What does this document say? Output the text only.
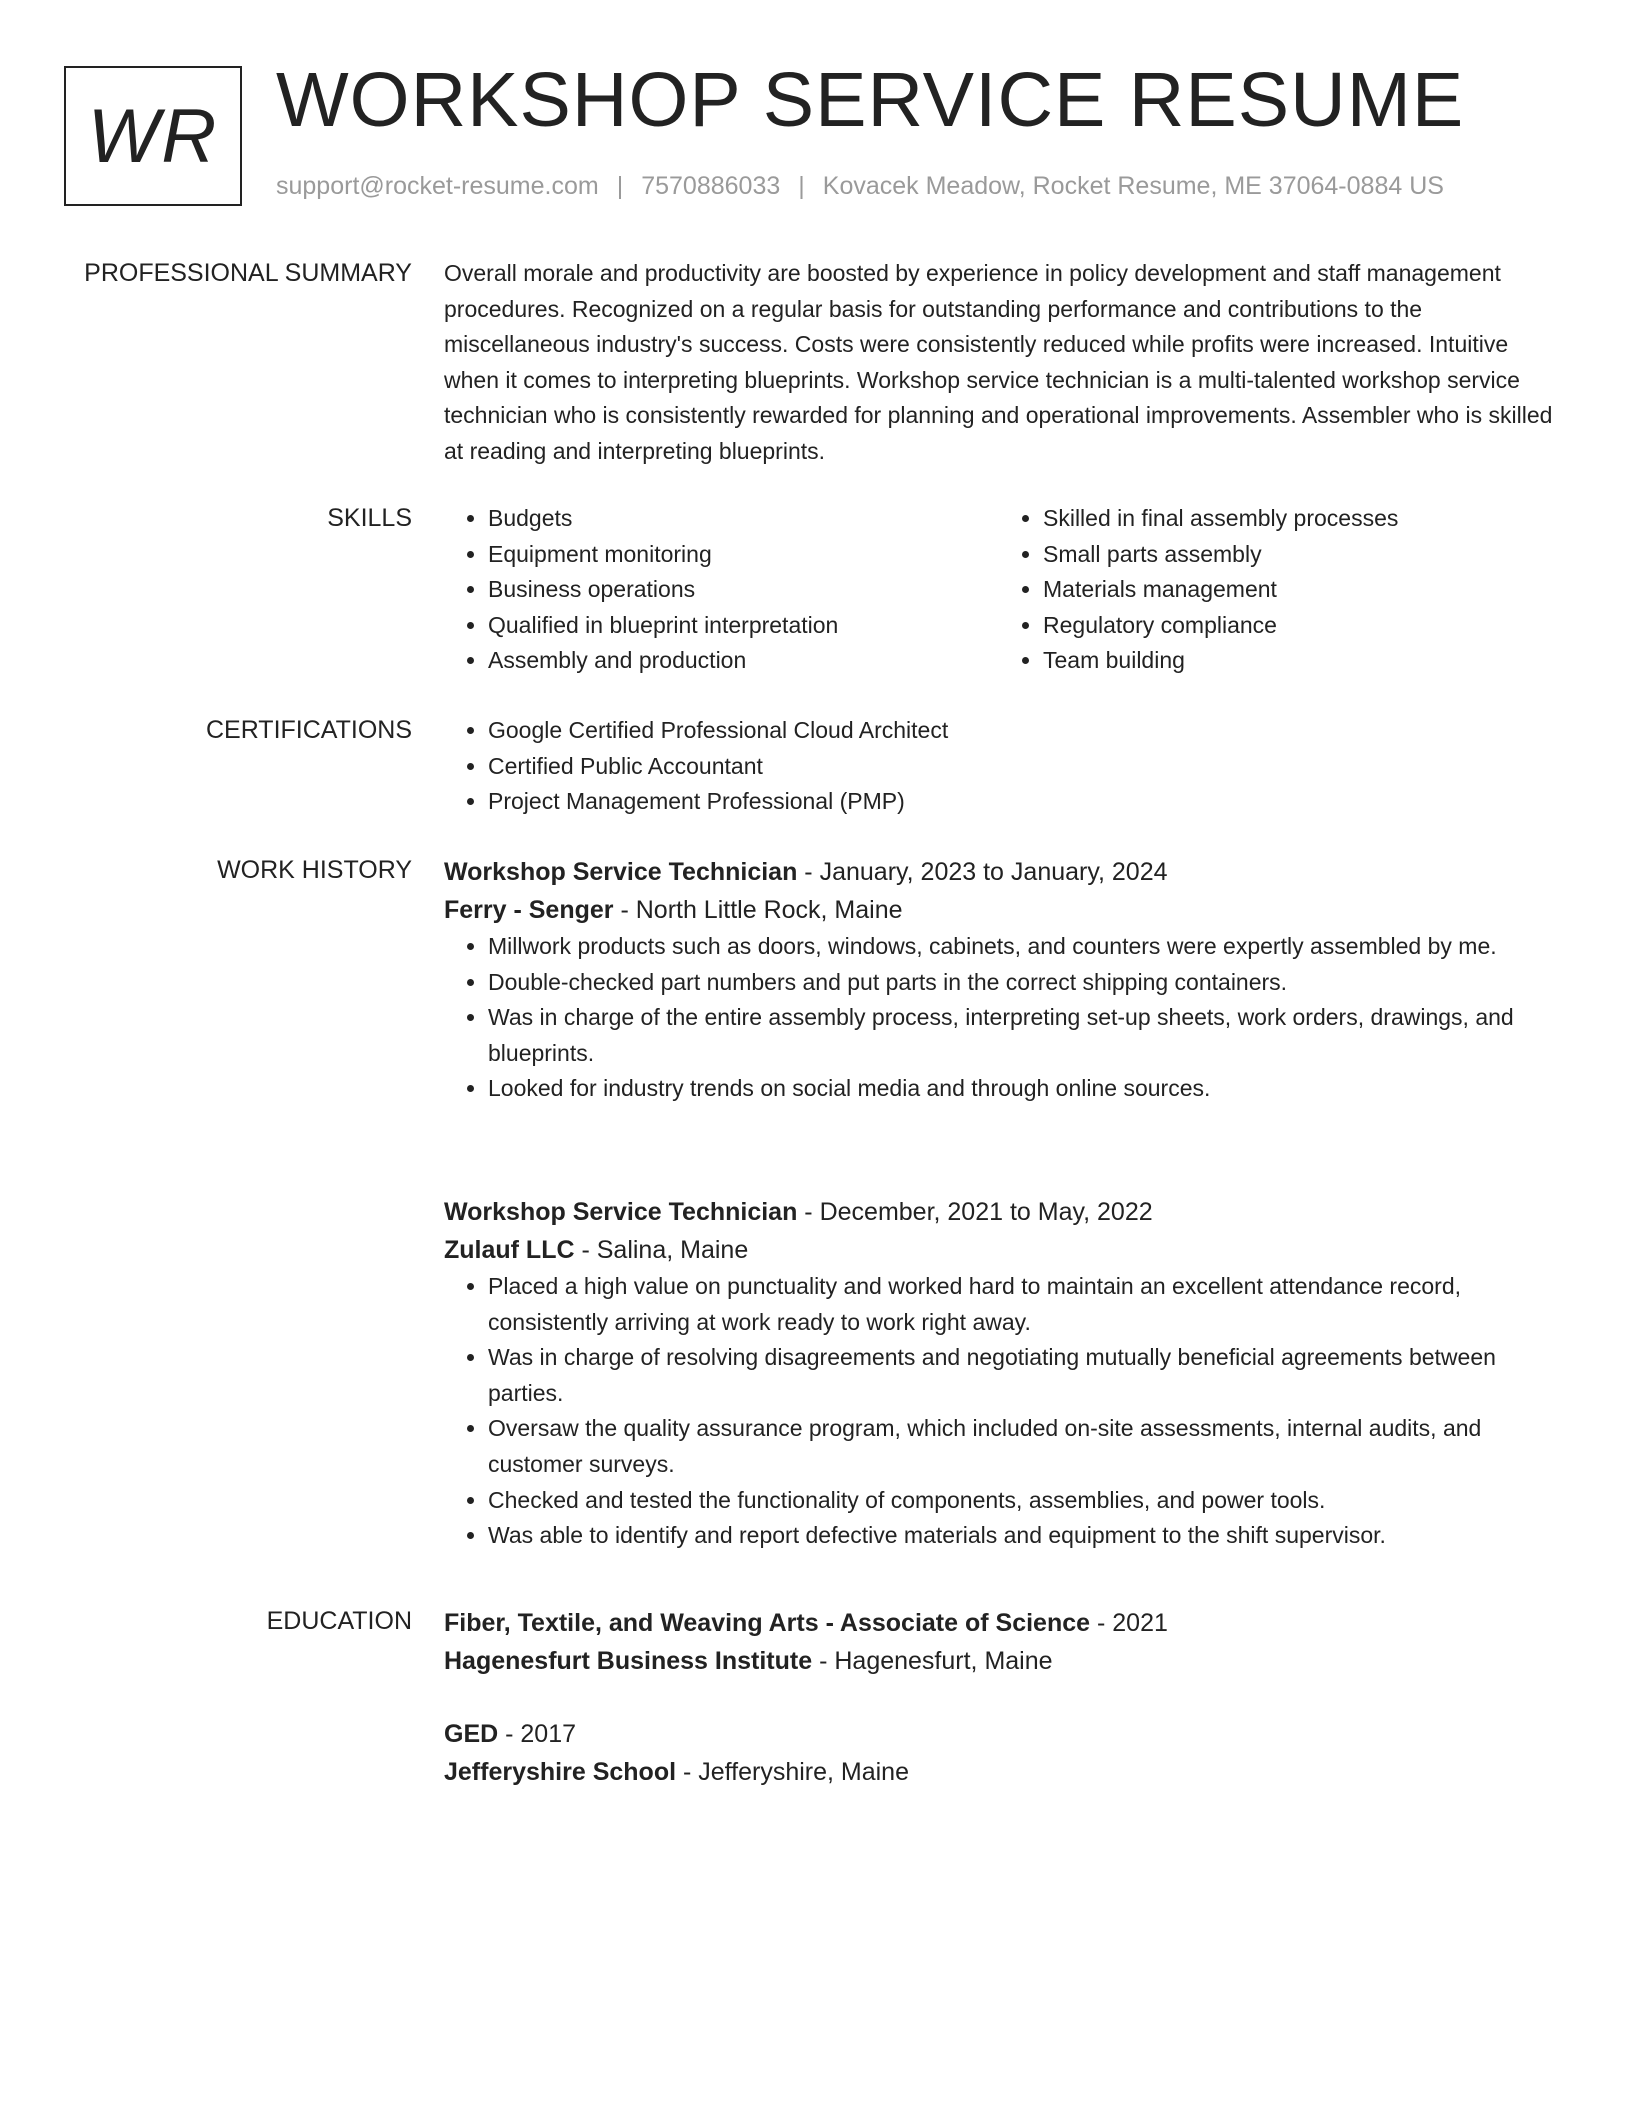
WR WORKSHOP SERVICE RESUME
support@rocket-resume.com | 7570886033 | Kovacek Meadow, Rocket Resume, ME 37064-0884 US
PROFESSIONAL SUMMARY Overall morale and productivity are boosted by experience in policy development and staff management procedures. Recognized on a regular basis for outstanding performance and contributions to the miscellaneous industry's success. Costs were consistently reduced while profits were increased. Intuitive when it comes to interpreting blueprints. Workshop service technician is a multi-talented workshop service technician who is consistently rewarded for planning and operational improvements. Assembler who is skilled at reading and interpreting blueprints.

SKILLS	• Budgets
• Equipment monitoring
• Business operations
• Qualified in blueprint interpretation
• Assembly and production
• Skilled in final assembly processes
• Small parts assembly
• Materials management
• Regulatory compliance
• Team building
CERTIFICATIONS	• Google Certified Professional Cloud Architect
• Certified Public Accountant
• Project Management Professional (PMP)
WORK HISTORY Workshop Service Technician - January, 2023 to January, 2024
Ferry - Senger - North Little Rock, Maine
• Millwork products such as doors, windows, cabinets, and counters were expertly assembled by me.
• Double-checked part numbers and put parts in the correct shipping containers.
• Was in charge of the entire assembly process, interpreting set-up sheets, work orders, drawings, and blueprints.
• Looked for industry trends on social media and through online sources.
Workshop Service Technician - December, 2021 to May, 2022
Zulauf LLC - Salina, Maine
• Placed a high value on punctuality and worked hard to maintain an excellent attendance record, consistently arriving at work ready to work right away.
• Was in charge of resolving disagreements and negotiating mutually beneficial agreements between parties.
• Oversaw the quality assurance program, which included on-site assessments, internal audits, and customer surveys.
• Checked and tested the functionality of components, assemblies, and power tools.
• Was able to identify and report defective materials and equipment to the shift supervisor.
EDUCATION Fiber, Textile, and Weaving Arts - Associate of Science - 2021
Hagenesfurt Business Institute - Hagenesfurt, Maine
GED - 2017
Jefferyshire School - Jefferyshire, Maine
